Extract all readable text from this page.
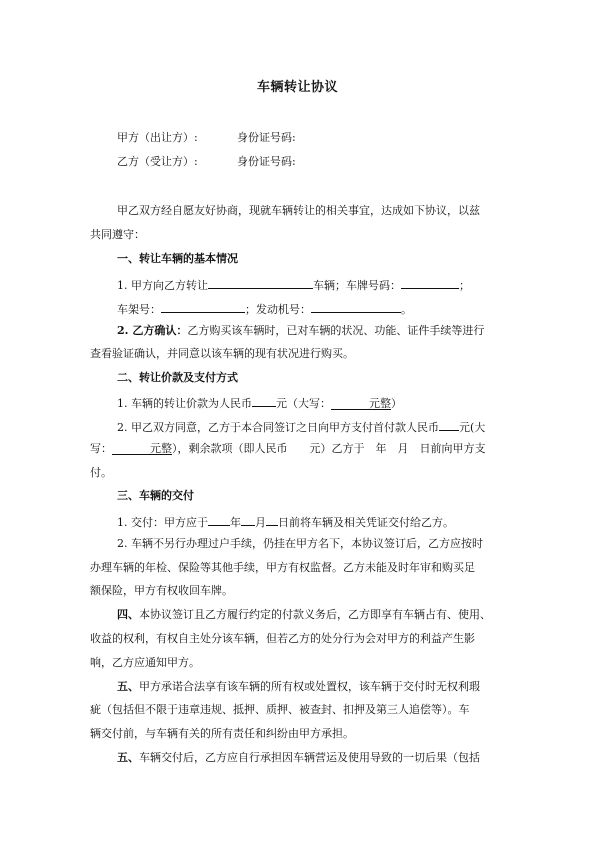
车辆转让协议
甲方（出让方）:	身份证号码:
乙方（受让方）:	身份证号码:
甲乙双方经自愿友好协商，现就车辆转让的相关事宜，达成如下协议，以兹
共同遵守：
一、转让车辆的基本情况
1. 甲方向乙方转让	车辆；车牌号码：	；
车架号：	；发动机号：	。
2. 乙方确认：乙方购买该车辆时，已对车辆的状况、功能、证件手续等进行
查看验证确认，并同意以该车辆的现有状况进行购买。
二、转让价款及支付方式
1. 车辆的转让价款为人民币 元（大写：	元整）
2. 甲乙双方同意，乙方于本合同签订之日向甲方支付首付款人民币 元(大
写：	元整），剩余款项（即人民币　　元）乙方于　年　月　日前向甲方支
付。
三、车辆的交付
1. 交付：甲方应于 年 月 日前将车辆及相关凭证交付给乙方。
2. 车辆不另行办理过户手续，仍挂在甲方名下，本协议签订后，乙方应按时
办理车辆的年检、保险等其他手续，甲方有权监督。乙方未能及时年审和购买足
额保险，甲方有权收回车牌。
四、本协议签订且乙方履行约定的付款义务后，乙方即享有车辆占有、使用、
收益的权利，有权自主处分该车辆，但若乙方的处分行为会对甲方的利益产生影
响，乙方应通知甲方。
五、甲方承诺合法享有该车辆的所有权或处置权，该车辆于交付时无权利瑕
疵（包括但不限于违章违规、抵押、质押、被查封、扣押及第三人追偿等）。车
辆交付前，与车辆有关的所有责任和纠纷由甲方承担。
五、车辆交付后，乙方应自行承担因车辆营运及使用导致的一切后果（包括
